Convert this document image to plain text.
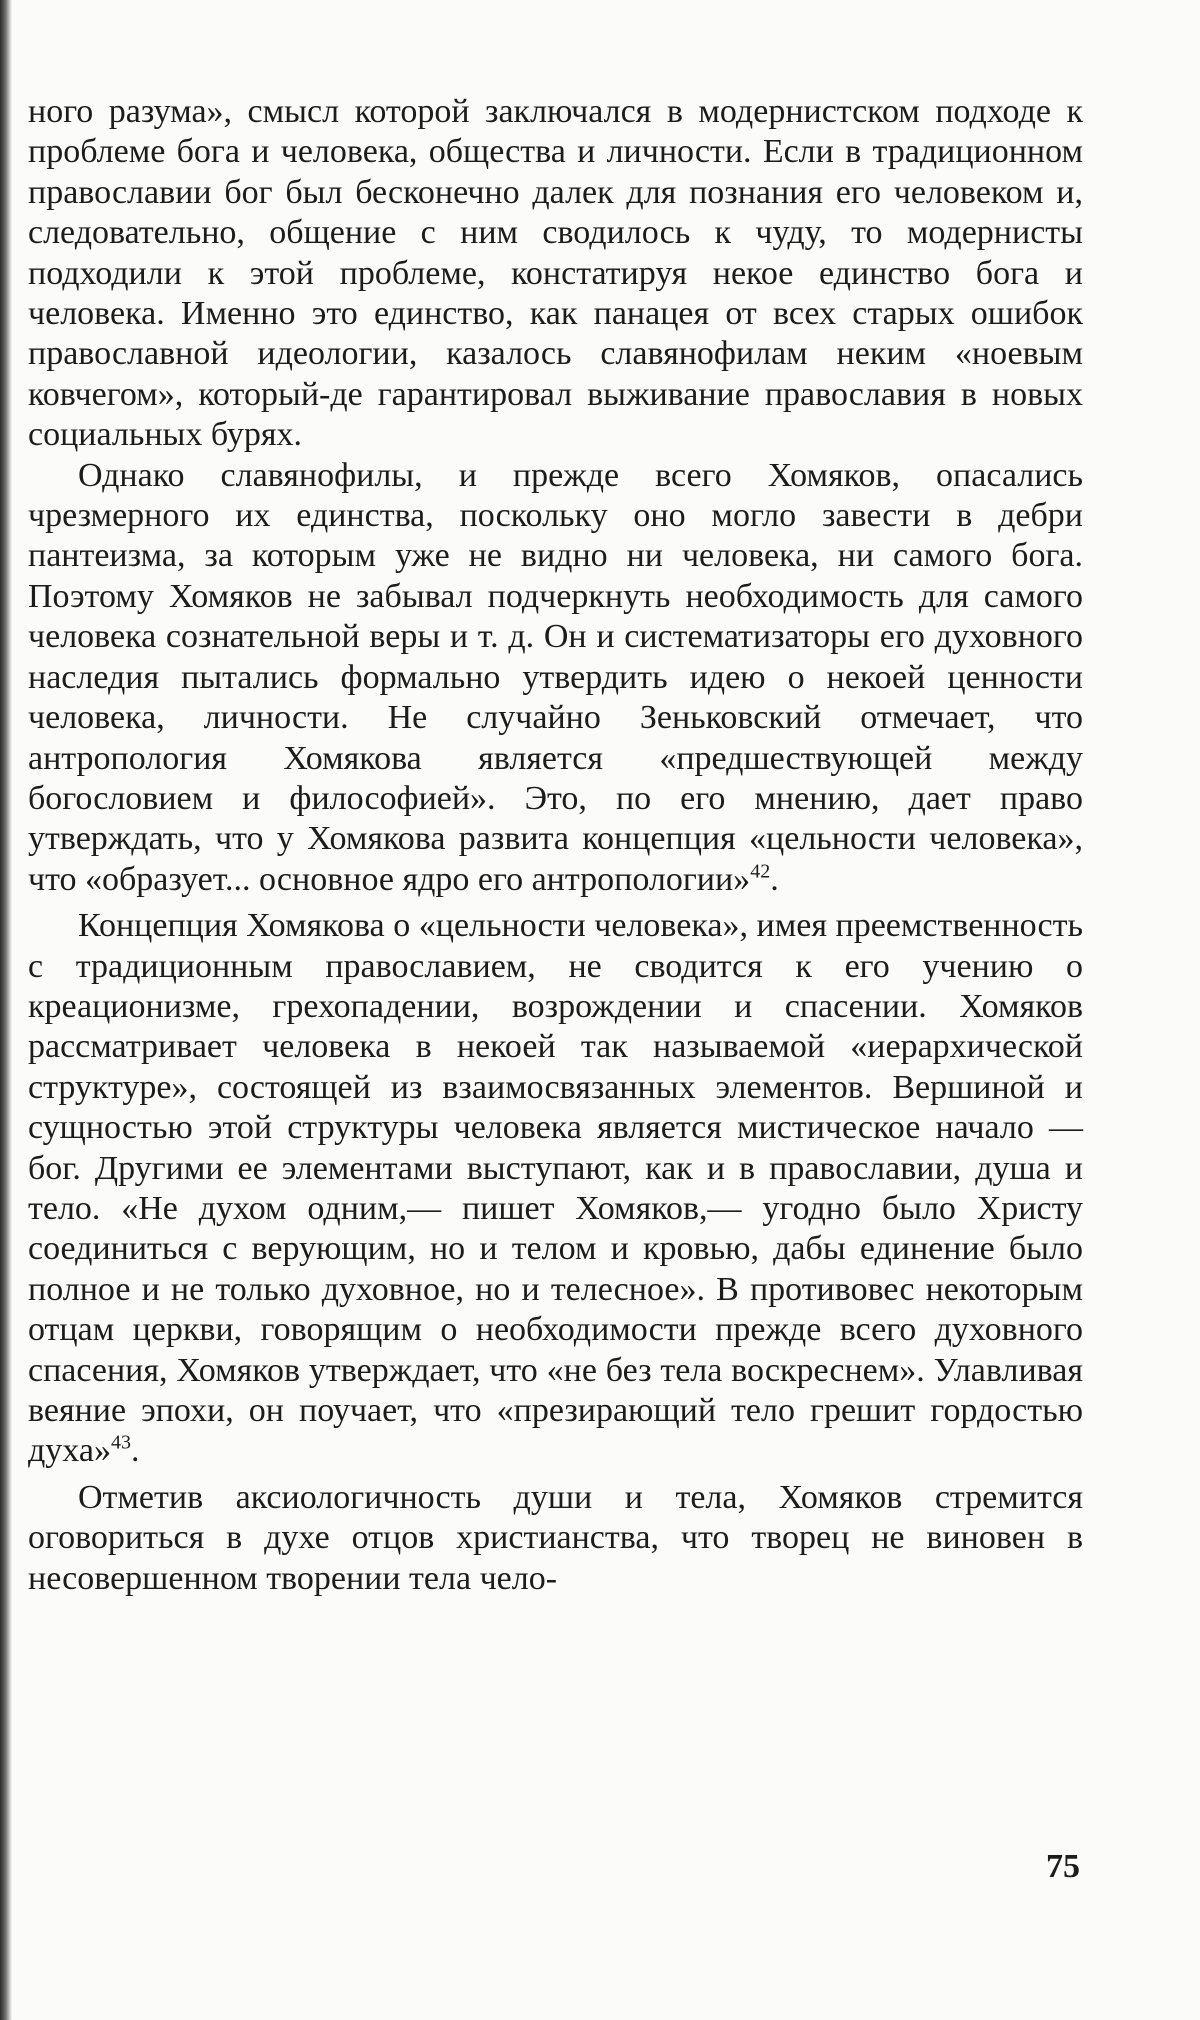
ного разума», смысл которой заключался в модернистском подходе к проблеме бога и человека, общества и личности. Если в традиционном православии бог был бесконечно далек для познания его человеком и, следовательно, общение с ним сводилось к чуду, то модернисты подходили к этой проблеме, констатируя некое единство бога и человека. Именно это единство, как панацея от всех старых ошибок православной идеологии, казалось славянофилам неким «ноевым ковчегом», который-де гарантировал выживание православия в новых социальных бурях.

Однако славянофилы, и прежде всего Хомяков, опасались чрезмерного их единства, поскольку оно могло завести в дебри пантеизма, за которым уже не видно ни человека, ни самого бога. Поэтому Хомяков не забывал подчеркнуть необходимость для самого человека сознательной веры и т. д. Он и систематизаторы его духовного наследия пытались формально утвердить идею о некоей ценности человека, личности. Не случайно Зеньковский отмечает, что антропология Хомякова является «предшествующей между богословием и философией». Это, по его мнению, дает право утверждать, что у Хомякова развита концепция «цельности человека», что «образует... основное ядро его антропологии»$^{42}$.

Концепция Хомякова о «цельности человека», имея преемственность с традиционным православием, не сводится к его учению о креационизме, грехопадении, возрождении и спасении. Хомяков рассматривает человека в некоей так называемой «иерархической структуре», состоящей из взаимосвязанных элементов. Вершиной и сущностью этой структуры человека является мистическое начало — бог. Другими ее элементами выступают, как и в православии, душа и тело. «Не духом одним,— пишет Хомяков,— угодно было Христу соединиться с верующим, но и телом и кровью, дабы единение было полное и не только духовное, но и телесное». В противовес некоторым отцам церкви, говорящим о необходимости прежде всего духовного спасения, Хомяков утверждает, что «не без тела воскреснем». Улавливая веяние эпохи, он поучает, что «презирающий тело грешит гордостью духа»$^{43}$.

Отметив аксиологичность души и тела, Хомяков стремится оговориться в духе отцов христианства, что творец не виновен в несовершенном творении тела чело-

75
